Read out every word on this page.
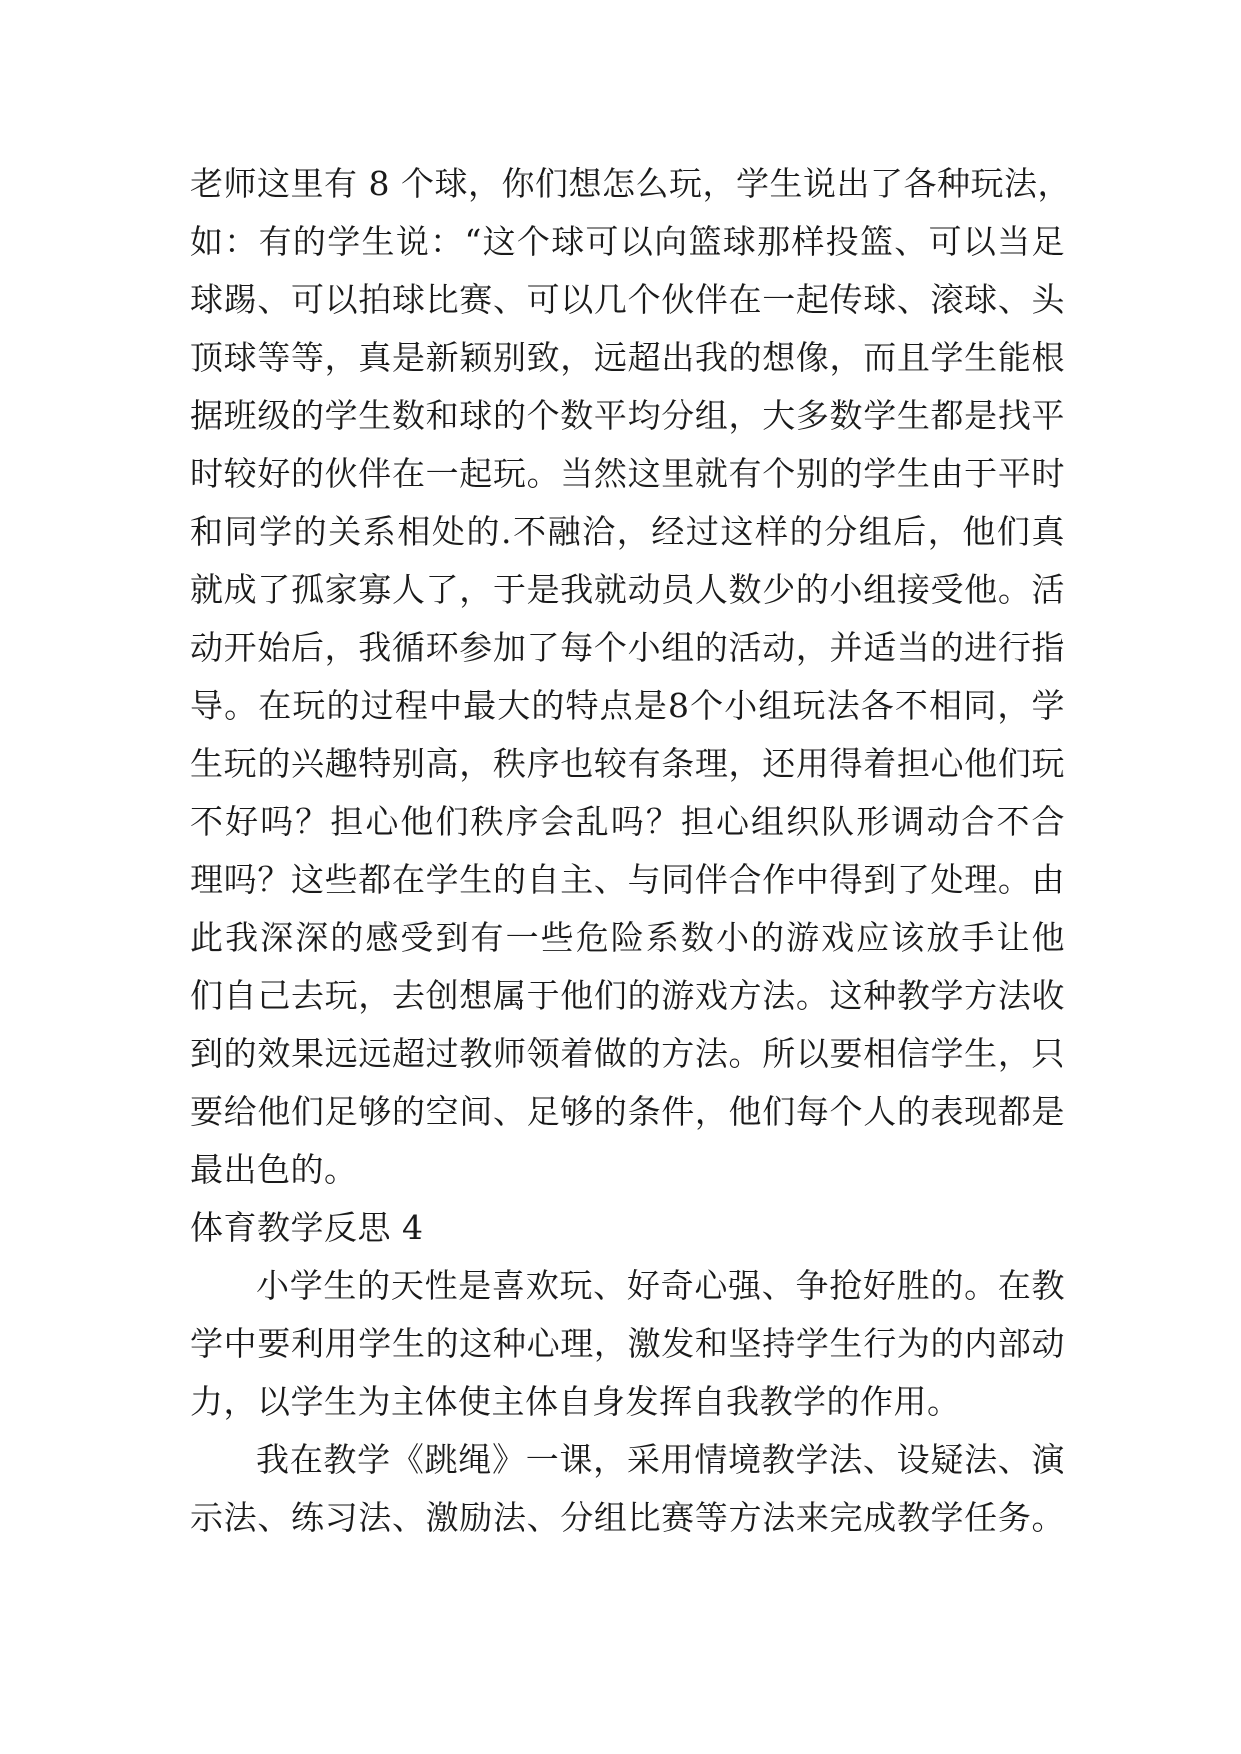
老师这里有 8 个球，你们想怎么玩，学生说出了各种玩法，
如：有的学生说：“这个球可以向篮球那样投篮、可以当足
球踢、可以拍球比赛、可以几个伙伴在一起传球、滚球、头
顶球等等，真是新颖别致，远超出我的想像，而且学生能根
据班级的学生数和球的个数平均分组，大多数学生都是找平
时较好的伙伴在一起玩。当然这里就有个别的学生由于平时
和同学的关系相处的.不融洽，经过这样的分组后，他们真
就成了孤家寡人了，于是我就动员人数少的小组接受他。活
动开始后，我循环参加了每个小组的活动，并适当的进行指
导。在玩的过程中最大的特点是8个小组玩法各不相同，学
生玩的兴趣特别高，秩序也较有条理，还用得着担心他们玩
不好吗？担心他们秩序会乱吗？担心组织队形调动合不合
理吗？这些都在学生的自主、与同伴合作中得到了处理。由
此我深深的感受到有一些危险系数小的游戏应该放手让他
们自己去玩，去创想属于他们的游戏方法。这种教学方法收
到的效果远远超过教师领着做的方法。所以要相信学生，只
要给他们足够的空间、足够的条件，他们每个人的表现都是
最出色的。
体育教学反思 4
小学生的天性是喜欢玩、好奇心强、争抢好胜的。在教
学中要利用学生的这种心理，激发和坚持学生行为的内部动
力，以学生为主体使主体自身发挥自我教学的作用。
我在教学《跳绳》一课，采用情境教学法、设疑法、演
示法、练习法、激励法、分组比赛等方法来完成教学任务。
